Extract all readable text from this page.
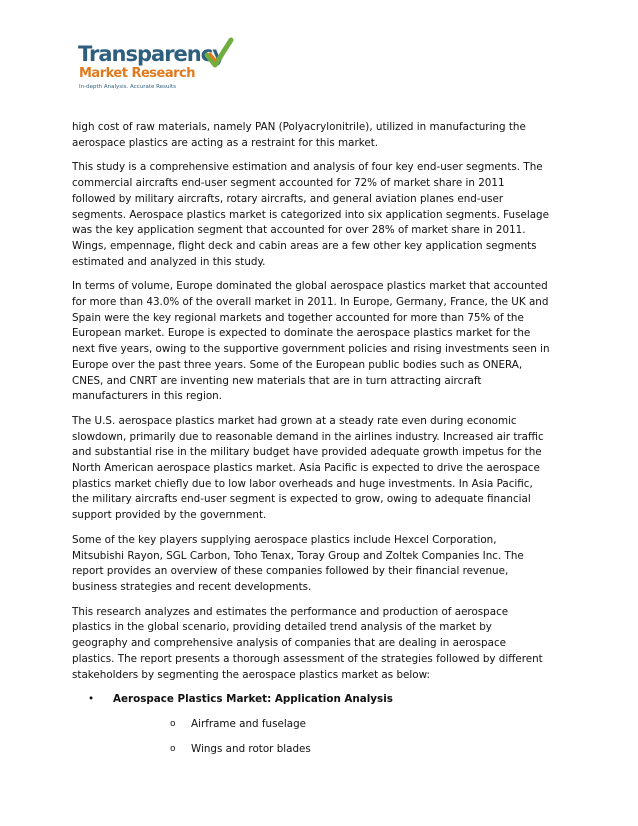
Transparency
Market Research
In-depth Analysis. Accurate Results

high cost of raw materials, namely PAN (Polyacrylonitrile), utilized in manufacturing the aerospace plastics are acting as a restraint for this market.

This study is a comprehensive estimation and analysis of four key end-user segments. The commercial aircrafts end-user segment accounted for 72% of market share in 2011 followed by military aircrafts, rotary aircrafts, and general aviation planes end-user segments. Aerospace plastics market is categorized into six application segments. Fuselage was the key application segment that accounted for over 28% of market share in 2011. Wings, empennage, flight deck and cabin areas are a few other key application segments estimated and analyzed in this study.

In terms of volume, Europe dominated the global aerospace plastics market that accounted for more than 43.0% of the overall market in 2011. In Europe, Germany, France, the UK and Spain were the key regional markets and together accounted for more than 75% of the European market. Europe is expected to dominate the aerospace plastics market for the next five years, owing to the supportive government policies and rising investments seen in Europe over the past three years. Some of the European public bodies such as ONERA, CNES, and CNRT are inventing new materials that are in turn attracting aircraft manufacturers in this region.

The U.S. aerospace plastics market had grown at a steady rate even during economic slowdown, primarily due to reasonable demand in the airlines industry. Increased air traffic and substantial rise in the military budget have provided adequate growth impetus for the North American aerospace plastics market. Asia Pacific is expected to drive the aerospace plastics market chiefly due to low labor overheads and huge investments. In Asia Pacific, the military aircrafts end-user segment is expected to grow, owing to adequate financial support provided by the government.

Some of the key players supplying aerospace plastics include Hexcel Corporation, Mitsubishi Rayon, SGL Carbon, Toho Tenax, Toray Group and Zoltek Companies Inc. The report provides an overview of these companies followed by their financial revenue, business strategies and recent developments.

This research analyzes and estimates the performance and production of aerospace plastics in the global scenario, providing detailed trend analysis of the market by geography and comprehensive analysis of companies that are dealing in aerospace plastics. The report presents a thorough assessment of the strategies followed by different stakeholders by segmenting the aerospace plastics market as below:

• Aerospace Plastics Market: Application Analysis
o Airframe and fuselage
o Wings and rotor blades
